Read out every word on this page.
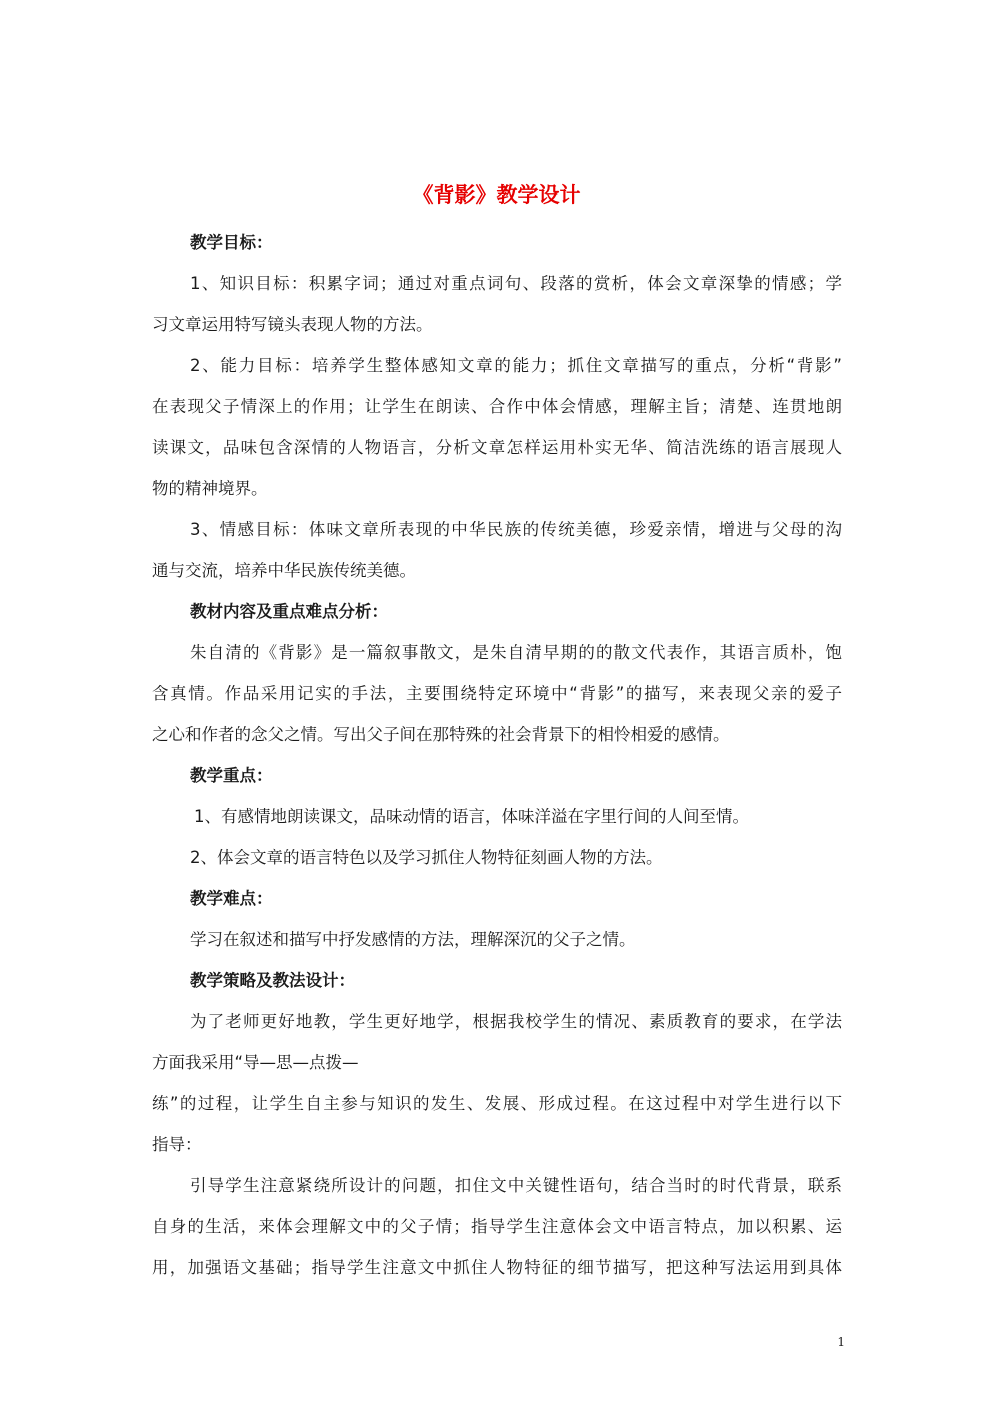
《背影》教学设计
教学目标：
1、知识目标：积累字词；通过对重点词句、段落的赏析，体会文章深挚的情感；学
习文章运用特写镜头表现人物的方法。
2、能力目标：培养学生整体感知文章的能力；抓住文章描写的重点，分析“背影”
在表现父子情深上的作用；让学生在朗读、合作中体会情感，理解主旨；清楚、连贯地朗
读课文，品味包含深情的人物语言，分析文章怎样运用朴实无华、简洁洗练的语言展现人
物的精神境界。
3、情感目标：体味文章所表现的中华民族的传统美德，珍爱亲情，增进与父母的沟
通与交流，培养中华民族传统美德。
教材内容及重点难点分析：
朱自清的《背影》是一篇叙事散文，是朱自清早期的的散文代表作，其语言质朴，饱
含真情。作品采用记实的手法，主要围绕特定环境中“背影”的描写，来表现父亲的爱子
之心和作者的念父之情。写出父子间在那特殊的社会背景下的相怜相爱的感情。
教学重点：
1、有感情地朗读课文，品味动情的语言，体味洋溢在字里行间的人间至情。
2、体会文章的语言特色以及学习抓住人物特征刻画人物的方法。
教学难点：
学习在叙述和描写中抒发感情的方法，理解深沉的父子之情。
教学策略及教法设计：
为了老师更好地教，学生更好地学，根据我校学生的情况、素质教育的要求，在学法
方面我采用“导—思—点拨—
练”的过程，让学生自主参与知识的发生、发展、形成过程。在这过程中对学生进行以下
指导：
引导学生注意紧绕所设计的问题，扣住文中关键性语句，结合当时的时代背景，联系
自身的生活，来体会理解文中的父子情；指导学生注意体会文中语言特点，加以积累、运
用，加强语文基础；指导学生注意文中抓住人物特征的细节描写，把这种写法运用到具体
1
